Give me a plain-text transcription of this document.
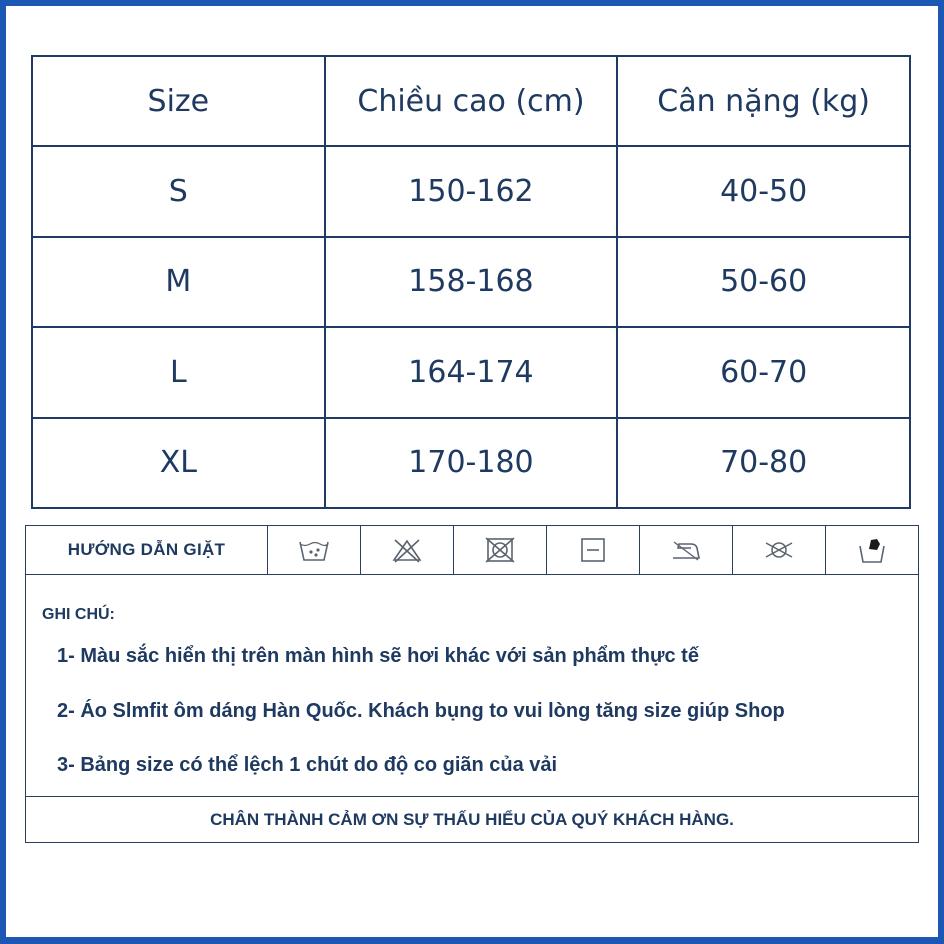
Size	Chiều cao (cm)	Cân nặng (kg)
S	150-162	40-50
M	158-168	50-60
L	164-174	60-70
XL	170-180	70-80
HƯỚNG DẪN GIẶT
GHI CHÚ:
1- Màu sắc hiển thị trên màn hình sẽ hơi khác với sản phẩm thực tế
2- Áo Slmfit ôm dáng Hàn Quốc. Khách bụng to vui lòng tăng size giúp Shop
3- Bảng size có thể lệch 1 chút do độ co giãn của vải
CHÂN THÀNH CẢM ƠN SỰ THẤU HIỂU CỦA QUÝ KHÁCH HÀNG.
